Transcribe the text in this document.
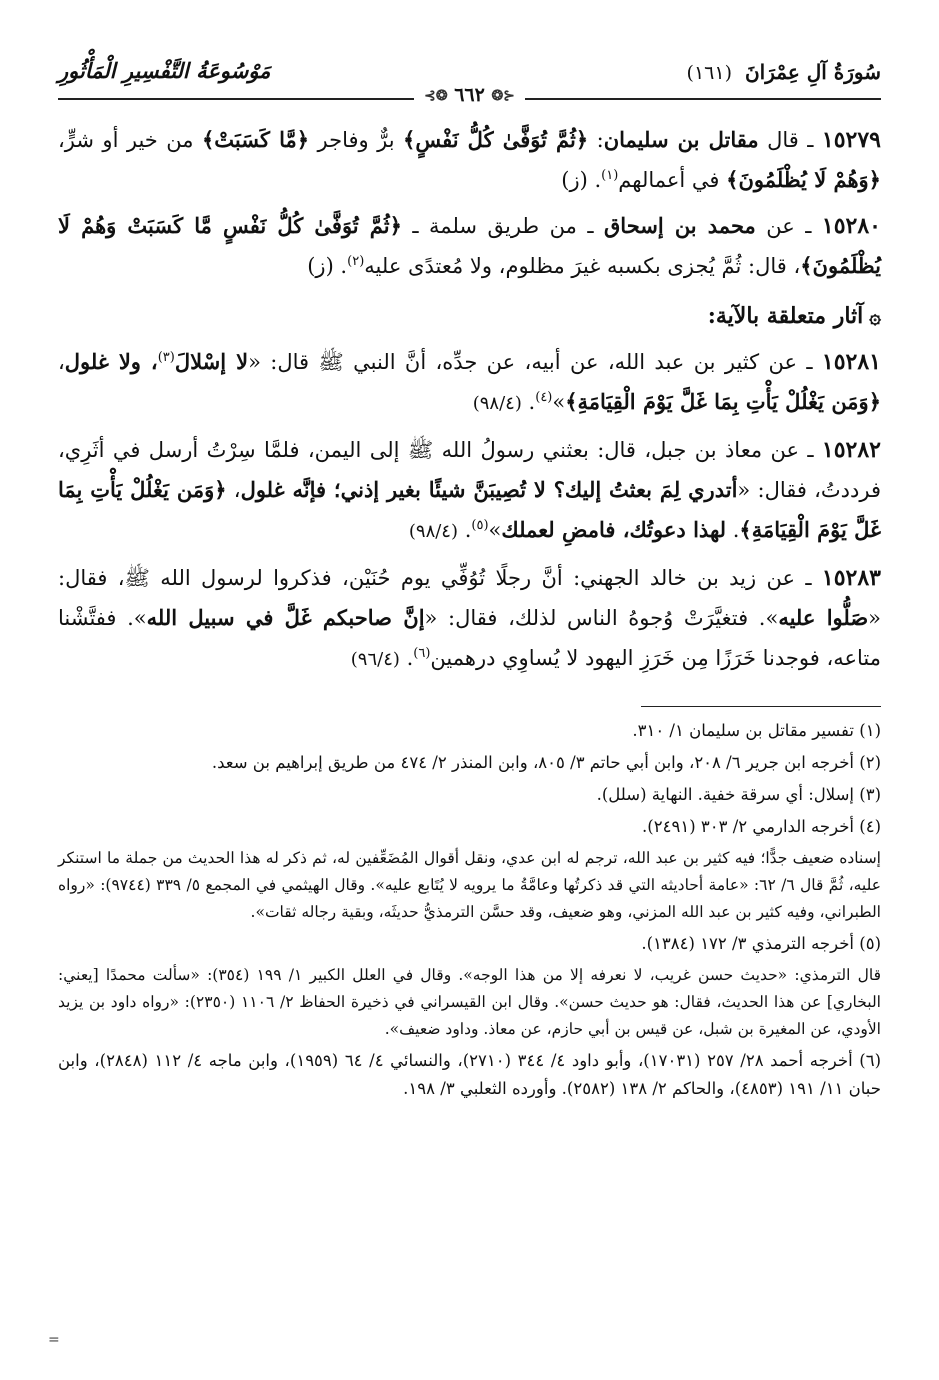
سُورَةُ آلِ عِمْرَانَ (١٦١)
مَوْسُوعَةُ التَّفْسِيرِ الْمَأْثُورِ
⊰❂ ٦٦٢ ❂⊱

١٥٢٧٩ ـ قال مقاتل بن سليمان: ﴿ثُمَّ تُوَفَّىٰ كُلُّ نَفْسٍ﴾ برٌّ وفاجر ﴿مَّا كَسَبَتْ﴾ من خير أو شرٍّ، ﴿وَهُمْ لَا يُظْلَمُونَ﴾ في أعمالهم$^{(١)}$. (ز)

١٥٢٨٠ ـ عن محمد بن إسحاق ـ من طريق سلمة ـ ﴿ثُمَّ تُوَفَّىٰ كُلُّ نَفْسٍ مَّا كَسَبَتْ وَهُمْ لَا يُظْلَمُونَ﴾، قال: ثُمَّ يُجزى بكسبه غيرَ مظلوم، ولا مُعتدًى عليه$^{(٢)}$. (ز)

۞آثار متعلقة بالآية:

١٥٢٨١ ـ عن كثير بن عبد الله، عن أبيه، عن جدِّه، أنَّ النبي ﷺ قال: «لا إسْلالَ$^{(٣)}$، ولا غلول، ﴿وَمَن يَغْلُلْ يَأْتِ بِمَا غَلَّ يَوْمَ الْقِيَامَةِ﴾»$^{(٤)}$. (٩٨/٤)

١٥٢٨٢ ـ عن معاذ بن جبل، قال: بعثني رسولُ الله ﷺ إلى اليمن، فلمَّا سِرْتُ أرسل في أثَرِي، فرددتُ، فقال: «أتدري لِمَ بعثتُ إليك؟ لا تُصِيبَنَّ شيئًا بغير إذني؛ فإنَّه غلول، ﴿وَمَن يَغْلُلْ يَأْتِ بِمَا غَلَّ يَوْمَ الْقِيَامَةِ﴾. لهذا دعوتُك، فامضِ لعملك»$^{(٥)}$. (٩٨/٤)

١٥٢٨٣ ـ عن زيد بن خالد الجهني: أنَّ رجلًا تُوُفِّي يوم حُنَيْن، فذكروا لرسول الله ﷺ، فقال: «صَلُّوا عليه». فتغيَّرَتْ وُجوهُ الناس لذلك، فقال: «إنَّ صاحبكم غَلَّ في سبيل الله». ففتَّشْنا متاعه، فوجدنا خَرَزًا مِن خَرَزِ اليهود لا يُساوِي درهمين$^{(٦)}$. (٩٦/٤)

(١) تفسير مقاتل بن سليمان ١/ ٣١٠.

(٢) أخرجه ابن جرير ٦/ ٢٠٨، وابن أبي حاتم ٣/ ٨٠٥، وابن المنذر ٢/ ٤٧٤ من طريق إبراهيم بن سعد.

(٣) إسلال: أي سرقة خفية. النهاية (سلل).

(٤) أخرجه الدارمي ٢/ ٣٠٣ (٢٤٩١).

إسناده ضعيف جدًّا؛ فيه كثير بن عبد الله، ترجم له ابن عدي، ونقل أقوال المُضَعِّفين له، ثم ذكر له هذا الحديث من جملة ما استنكر عليه، ثُمَّ قال ٦/ ٦٢: «عامة أحاديثه التي قد ذكرتُها وعامَّةُ ما يرويه لا يُتَابع عليه». وقال الهيثمي في المجمع ٥/ ٣٣٩ (٩٧٤٤): «رواه الطبراني، وفيه كثير بن عبد الله المزني، وهو ضعيف، وقد حسَّن الترمذيُّ حديثَه، وبقية رجاله ثقات».

(٥) أخرجه الترمذي ٣/ ١٧٢ (١٣٨٤).

قال الترمذي: «حديث حسن غريب، لا نعرفه إلا من هذا الوجه». وقال في العلل الكبير ١/ ١٩٩ (٣٥٤): «سألت محمدًا [يعني: البخاري] عن هذا الحديث، فقال: هو حديث حسن». وقال ابن القيسراني في ذخيرة الحفاظ ٢/ ١١٠٦ (٢٣٥٠): «رواه داود بن يزيد الأودي، عن المغيرة بن شبل، عن قيس بن أبي حازم، عن معاذ. وداود ضعيف».

(٦) أخرجه أحمد ٢٨/ ٢٥٧ (١٧٠٣١)، وأبو داود ٤/ ٣٤٤ (٢٧١٠)، والنسائي ٤/ ٦٤ (١٩٥٩)، وابن ماجه ٤/ ١١٢ (٢٨٤٨)، وابن حبان ١١/ ١٩١ (٤٨٥٣)، والحاكم ٢/ ١٣٨ (٢٥٨٢). وأورده الثعلبي ٣/ ١٩٨.

=
